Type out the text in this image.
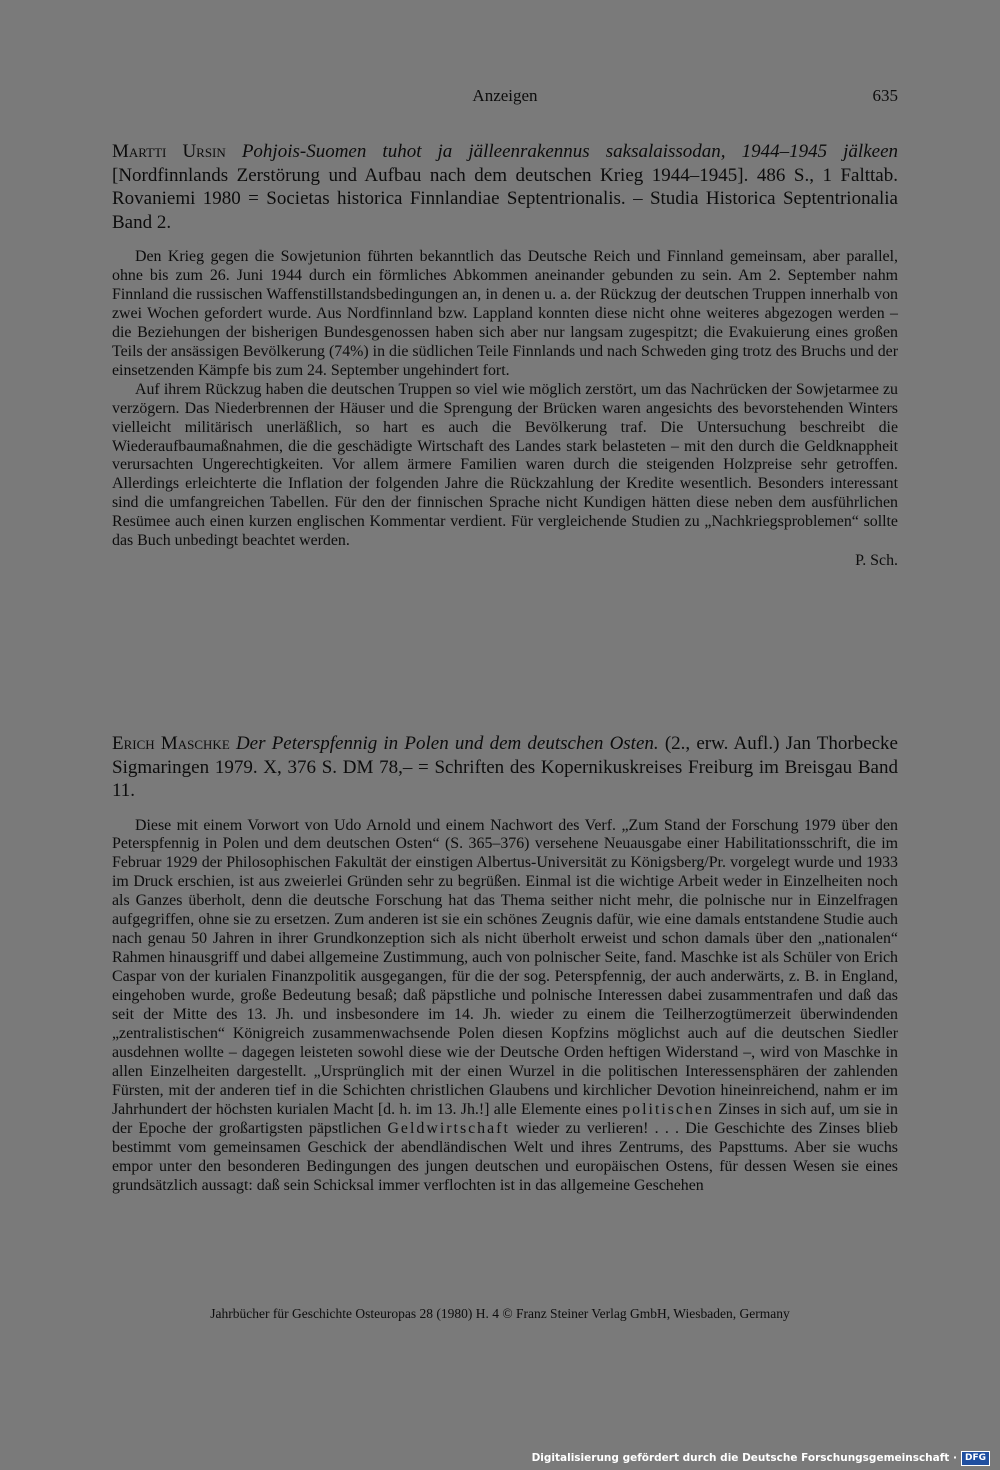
Anzeigen	635
Martti Ursin Pohjois-Suomen tuhot ja jälleenrakennus saksalaissodan, 1944–1945 jälkeen [Nordfinnlands Zerstörung und Aufbau nach dem deutschen Krieg 1944–1945]. 486 S., 1 Falttab. Rovaniemi 1980 = Societas historica Finnlandiae Septentrionalis. – Studia Historica Septentrionalia Band 2.

Den Krieg gegen die Sowjetunion führten bekanntlich das Deutsche Reich und Finnland gemeinsam, aber parallel, ohne bis zum 26. Juni 1944 durch ein förmliches Abkommen aneinander gebunden zu sein. Am 2. September nahm Finnland die russischen Waffenstillstandsbedingungen an, in denen u. a. der Rückzug der deutschen Truppen innerhalb von zwei Wochen gefordert wurde. Aus Nordfinnland bzw. Lappland konnten diese nicht ohne weiteres abgezogen werden – die Beziehungen der bisherigen Bundesgenossen haben sich aber nur langsam zugespitzt; die Evakuierung eines großen Teils der ansässigen Bevölkerung (74%) in die südlichen Teile Finnlands und nach Schweden ging trotz des Bruchs und der einsetzenden Kämpfe bis zum 24. September ungehindert fort.

Auf ihrem Rückzug haben die deutschen Truppen so viel wie möglich zerstört, um das Nachrücken der Sowjetarmee zu verzögern. Das Niederbrennen der Häuser und die Sprengung der Brücken waren angesichts des bevorstehenden Winters vielleicht militärisch unerläßlich, so hart es auch die Bevölkerung traf. Die Untersuchung beschreibt die Wiederaufbaumaßnahmen, die die geschädigte Wirtschaft des Landes stark belasteten – mit den durch die Geldknappheit verursachten Ungerechtigkeiten. Vor allem ärmere Familien waren durch die steigenden Holzpreise sehr getroffen. Allerdings erleichterte die Inflation der folgenden Jahre die Rückzahlung der Kredite wesentlich. Besonders interessant sind die umfangreichen Tabellen. Für den der finnischen Sprache nicht Kundigen hätten diese neben dem ausführlichen Resümee auch einen kurzen englischen Kommentar verdient. Für vergleichende Studien zu „Nachkriegsproblemen“ sollte das Buch unbedingt beachtet werden.

P. Sch.
Erich Maschke Der Peterspfennig in Polen und dem deutschen Osten. (2., erw. Aufl.) Jan Thorbecke Sigmaringen 1979. X, 376 S. DM 78,– = Schriften des Kopernikuskreises Freiburg im Breisgau Band 11.

Diese mit einem Vorwort von Udo Arnold und einem Nachwort des Verf. „Zum Stand der Forschung 1979 über den Peterspfennig in Polen und dem deutschen Osten“ (S. 365–376) versehene Neuausgabe einer Habilitationsschrift, die im Februar 1929 der Philosophischen Fakultät der einstigen Albertus-Universität zu Königsberg/Pr. vorgelegt wurde und 1933 im Druck erschien, ist aus zweierlei Gründen sehr zu begrüßen. Einmal ist die wichtige Arbeit weder in Einzelheiten noch als Ganzes überholt, denn die deutsche Forschung hat das Thema seither nicht mehr, die polnische nur in Einzelfragen aufgegriffen, ohne sie zu ersetzen. Zum anderen ist sie ein schönes Zeugnis dafür, wie eine damals entstandene Studie auch nach genau 50 Jahren in ihrer Grundkonzeption sich als nicht überholt erweist und schon damals über den „nationalen“ Rahmen hinausgriff und dabei allgemeine Zustimmung, auch von polnischer Seite, fand. Maschke ist als Schüler von Erich Caspar von der kurialen Finanzpolitik ausgegangen, für die der sog. Peterspfennig, der auch anderwärts, z. B. in England, eingehoben wurde, große Bedeutung besaß; daß päpstliche und polnische Interessen dabei zusammentrafen und daß das seit der Mitte des 13. Jh. und insbesondere im 14. Jh. wieder zu einem die Teilherzogtümerzeit überwindenden „zentralistischen“ Königreich zusammenwachsende Polen diesen Kopfzins möglichst auch auf die deutschen Siedler ausdehnen wollte – dagegen leisteten sowohl diese wie der Deutsche Orden heftigen Widerstand –, wird von Maschke in allen Einzelheiten dargestellt. „Ursprünglich mit der einen Wurzel in die politischen Interessensphären der zahlenden Fürsten, mit der anderen tief in die Schichten christlichen Glaubens und kirchlicher Devotion hineinreichend, nahm er im Jahrhundert der höchsten kurialen Macht [d. h. im 13. Jh.!] alle Elemente eines politischen Zinses in sich auf, um sie in der Epoche der großartigsten päpstlichen Geldwirtschaft wieder zu verlieren! . . . Die Geschichte des Zinses blieb bestimmt vom gemeinsamen Geschick der abendländischen Welt und ihres Zentrums, des Papsttums. Aber sie wuchs empor unter den besonderen Bedingungen des jungen deutschen und europäischen Ostens, für dessen Wesen sie eines grundsätzlich aussagt: daß sein Schicksal immer verflochten ist in das allgemeine Geschehen

Jahrbücher für Geschichte Osteuropas 28 (1980) H. 4 © Franz Steiner Verlag GmbH, Wiesbaden, Germany
Digitalisierung gefördert durch die Deutsche Forschungsgemeinschaft · DFG
